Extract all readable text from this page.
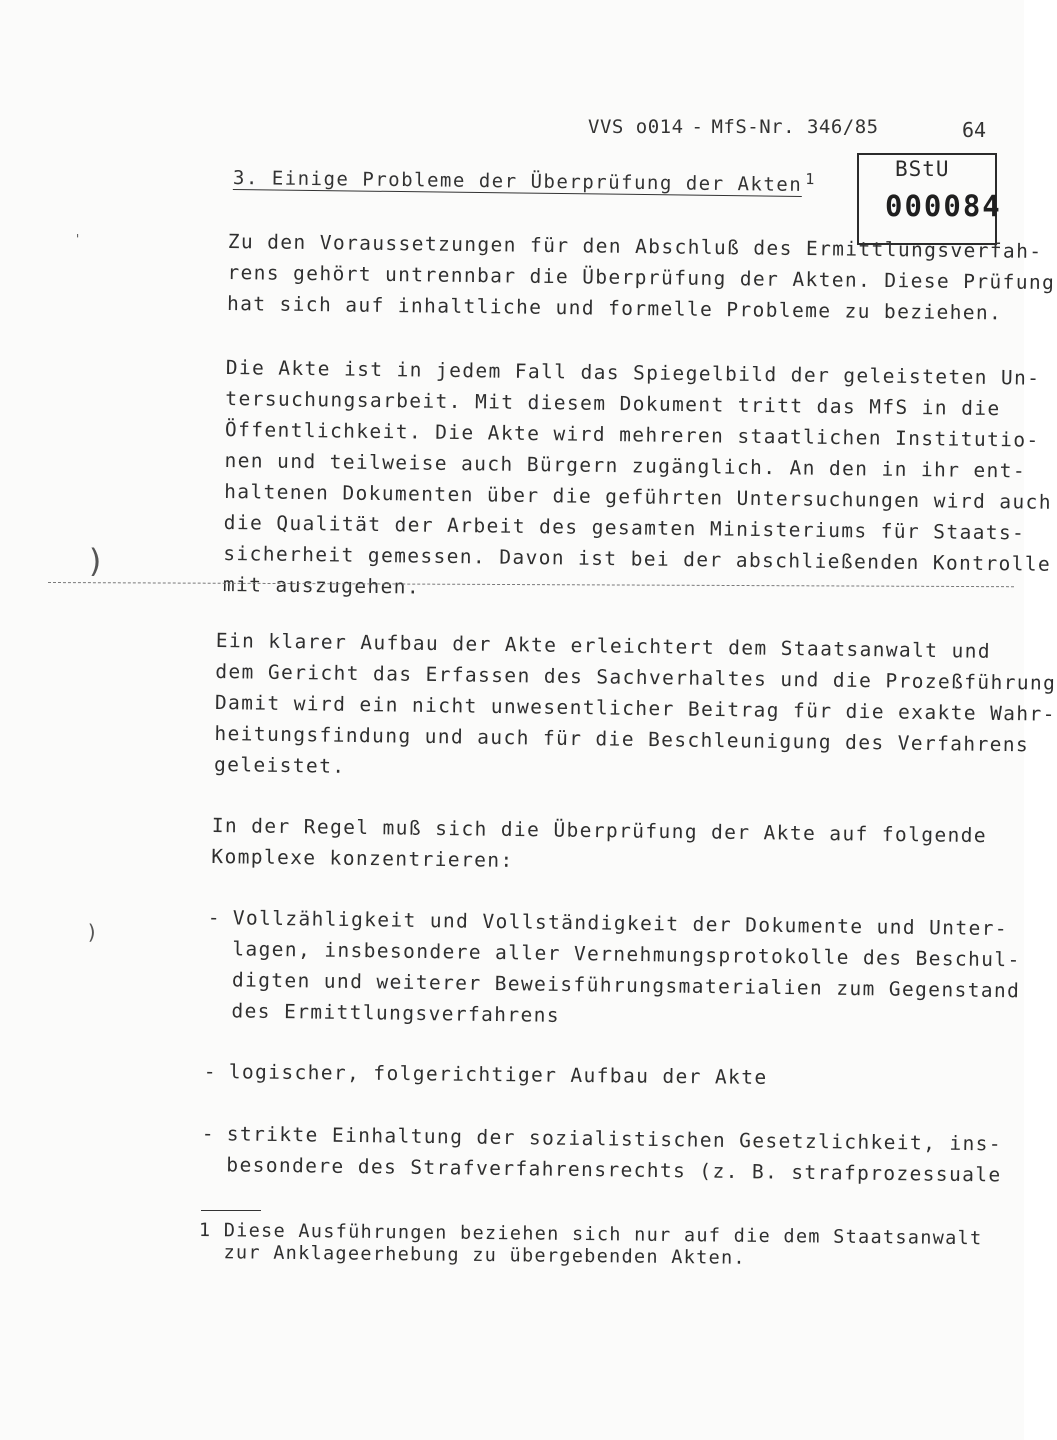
VVS o014 - MfS-Nr. 346/85	64
BStU
000084
3. Einige Probleme der Überprüfung der Akten $^1$
Zu den Voraussetzungen für den Abschluß des Ermittlungsverfah-
rens gehört untrennbar die Überprüfung der Akten. Diese Prüfung
hat sich auf inhaltliche und formelle Probleme zu beziehen.
Die Akte ist in jedem Fall das Spiegelbild der geleisteten Un-
tersuchungsarbeit. Mit diesem Dokument tritt das MfS in die
Öffentlichkeit. Die Akte wird mehreren staatlichen Institutio-
nen und teilweise auch Bürgern zugänglich. An den in ihr ent-
haltenen Dokumenten über die geführten Untersuchungen wird auch
die Qualität der Arbeit des gesamten Ministeriums für Staats-
sicherheit gemessen. Davon ist bei der abschließenden Kontrolle
mit auszugehen.
Ein klarer Aufbau der Akte erleichtert dem Staatsanwalt und
dem Gericht das Erfassen des Sachverhaltes und die Prozeßführung
Damit wird ein nicht unwesentlicher Beitrag für die exakte Wahr-
heitungsfindung und auch für die Beschleunigung des Verfahrens
geleistet.
In der Regel muß sich die Überprüfung der Akte auf folgende
Komplexe konzentrieren:
- Vollzähligkeit und Vollständigkeit der Dokumente und Unter-
lagen, insbesondere aller Vernehmungsprotokolle des Beschul-
digten und weiterer Beweisführungsmaterialien zum Gegenstand
des Ermittlungsverfahrens
- logischer, folgerichtiger Aufbau der Akte
- strikte Einhaltung der sozialistischen Gesetzlichkeit, ins-
besondere des Strafverfahrensrechts (z. B. strafprozessuale
1 Diese Ausführungen beziehen sich nur auf die dem Staatsanwalt
zur Anklageerhebung zu übergebenden Akten.
)
)
'
